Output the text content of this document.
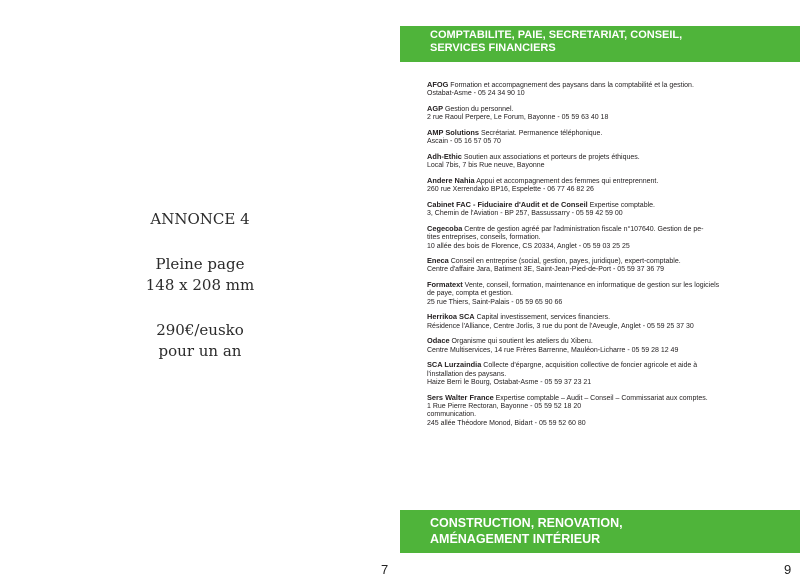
ANNONCE 4

Pleine page
148 x 208 mm

290€/eusko
pour un an

7
COMPTABILITE, PAIE, SECRETARIAT, CONSEIL,
SERVICES FINANCIERS
AFOG Formation et accompagnement des paysans dans la comptabilité et la gestion.
Ostabat-Asme - 05 24 34 90 10
AGP Gestion du personnel.
2 rue Raoul Perpere, Le Forum, Bayonne - 05 59 63 40 18
AMP Solutions Secrétariat. Permanence téléphonique.
Ascain - 05 16 57 05 70
Adh-Ethic Soutien aux associations et porteurs de projets éthiques.
Local 7bis, 7 bis Rue neuve, Bayonne
Andere Nahia Appui et accompagnement des femmes qui entreprennent.
260 rue Xerrendako BP16, Espelette - 06 77 46 82 26
Cabinet FAC - Fiduciaire d'Audit et de Conseil Expertise comptable.
3, Chemin de l'Aviation - BP 257, Bassussarry - 05 59 42 59 00
Cegecoba Centre de gestion agréé par l'administration fiscale n°107640. Gestion de pe-
tites entreprises, conseils, formation.
10 allée des bois de Florence, CS 20334, Anglet - 05 59 03 25 25
Eneca Conseil en entreprise (social, gestion, payes, juridique), expert-comptable.
Centre d'affaire Jara, Batiment 3E, Saint-Jean-Pied-de-Port - 05 59 37 36 79
Formatext Vente, conseil, formation, maintenance en informatique de gestion sur les logiciels
de paye, compta et gestion.
25 rue Thiers, Saint-Palais - 05 59 65 90 66
Herrikoa SCA Capital investissement, services financiers.
Résidence l'Alliance, Centre Jorlis, 3 rue du pont de l'Aveugle, Anglet - 05 59 25 37 30
Odace Organisme qui soutient les ateliers du Xiberu.
Centre Multiservices, 14 rue Frères Barrenne, Mauléon-Licharre - 05 59 28 12 49
SCA Lurzaindia Collecte d'épargne, acquisition collective de foncier agricole et aide à
l'installation des paysans.
Haize Berri le Bourg, Ostabat-Asme - 05 59 37 23 21
Sers Walter France Expertise comptable – Audit – Conseil – Commissariat aux comptes.
1 Rue Pierre Rectoran, Bayonne - 05 59 52 18 20
communication.
245 allée Théodore Monod, Bidart - 05 59 52 60 80
CONSTRUCTION, RENOVATION,
AMÉNAGEMENT INTÉRIEUR
9
